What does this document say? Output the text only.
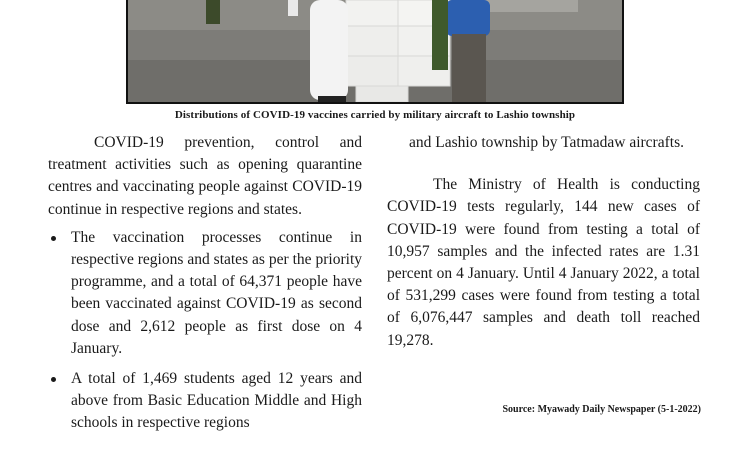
Distributions of COVID-19 vaccines carried by military aircraft to Lashio township

COVID-19 prevention, control and treatment activities such as opening quarantine centres and vaccinating people against COVID-19 continue in respective regions and states.

The vaccination processes continue in respective regions and states as per the priority programme, and a total of 64,371 people have been vaccinated against COVID-19 as second dose and 2,612 people as first dose on 4 January.
A total of 1,469 students aged 12 years and above from Basic Education Middle and High schools in respective regions

and Lashio township by Tatmadaw aircrafts.

The Ministry of Health is conducting COVID-19 tests regularly, 144 new cases of COVID-19 were found from testing a total of 10,957 samples and the infected rates are 1.31 percent on 4 January. Until 4 January 2022, a total of 531,299 cases were found from testing a total of 6,076,447 samples and death toll reached 19,278.

Source: Myawady Daily Newspaper (5-1-2022)
